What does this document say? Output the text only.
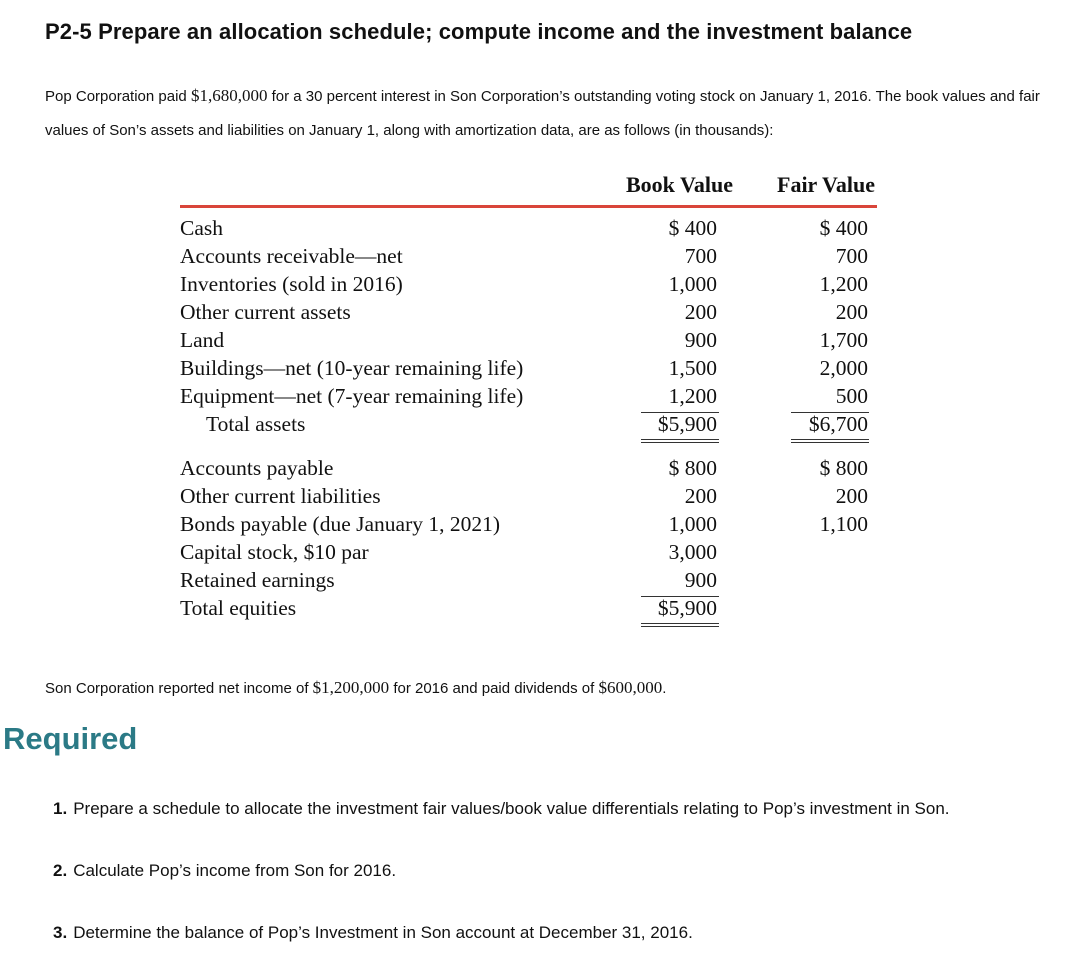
P2-5 Prepare an allocation schedule; compute income and the investment balance
Pop Corporation paid $1,680,000 for a 30 percent interest in Son Corporation’s outstanding voting stock on January 1, 2016. The book values and fair values of Son’s assets and liabilities on January 1, along with amortization data, are as follows (in thousands):
Book Value Fair Value
Cash	$ 400	$ 400
Accounts receivable—net	700	700
Inventories (sold in 2016)	1,000	1,200
Other current assets	200	200
Land	900	1,700
Buildings—net (10-year remaining life)	1,500	2,000
Equipment—net (7-year remaining life)	1,200	500
Total assets	$5,900	$6,700
Accounts payable	$ 800	$ 800
Other current liabilities	200	200
Bonds payable (due January 1, 2021)	1,000	1,100
Capital stock, $10 par	3,000
Retained earnings	900
Total equities	$5,900
Son Corporation reported net income of $1,200,000 for 2016 and paid dividends of $600,000.
Required
1. Prepare a schedule to allocate the investment fair values/book value differentials relating to Pop’s investment in Son.
2. Calculate Pop’s income from Son for 2016.
3. Determine the balance of Pop’s Investment in Son account at December 31, 2016.
